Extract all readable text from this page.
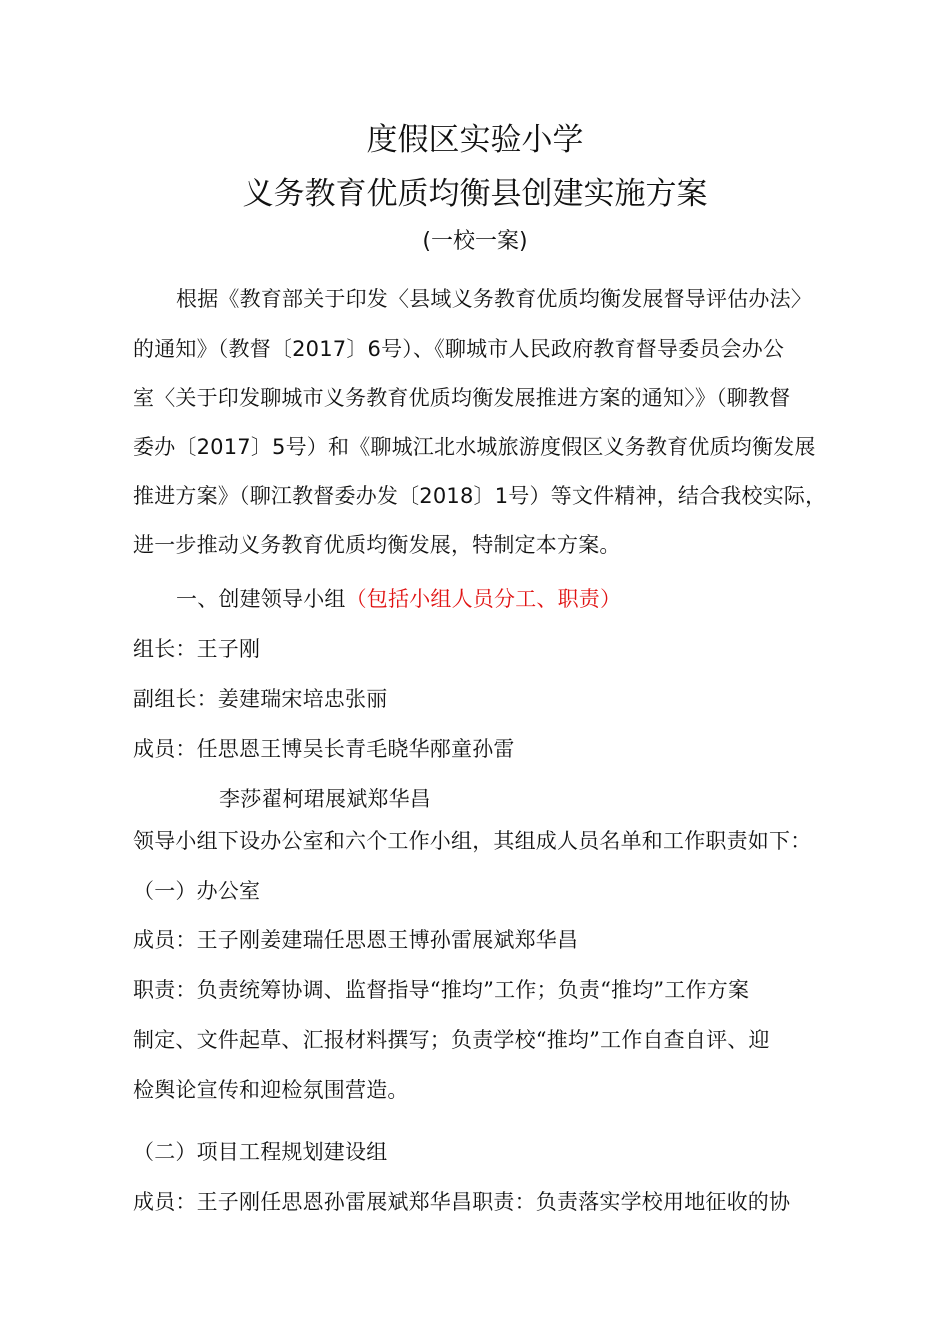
度假区实验小学
义务教育优质均衡县创建实施方案
(一校一案)
根据《教育部关于印发〈县域义务教育优质均衡发展督导评估办法〉
的通知》（教督〔2017〕6号）、《聊城市人民政府教育督导委员会办公
室〈关于印发聊城市义务教育优质均衡发展推进方案的通知〉》（聊教督
委办〔2017〕5号）和《聊城江北水城旅游度假区义务教育优质均衡发展
推进方案》（聊江教督委办发〔2018〕1号）等文件精神，结合我校实际，
进一步推动义务教育优质均衡发展，特制定本方案。
一、创建领导小组（包括小组人员分工、职责）
组长：王子刚
副组长：姜建瑞宋培忠张丽
成员：任思恩王博吴长青毛晓华邴童孙雷
李莎翟柯珺展斌郑华昌
领导小组下设办公室和六个工作小组，其组成人员名单和工作职责如下：
（一）办公室
成员：王子刚姜建瑞任思恩王博孙雷展斌郑华昌
职责：负责统筹协调、监督指导“推均”工作；负责“推均”工作方案
制定、文件起草、汇报材料撰写；负责学校“推均”工作自查自评、迎
检舆论宣传和迎检氛围营造。
（二）项目工程规划建设组
成员：王子刚任思恩孙雷展斌郑华昌职责：负责落实学校用地征收的协
